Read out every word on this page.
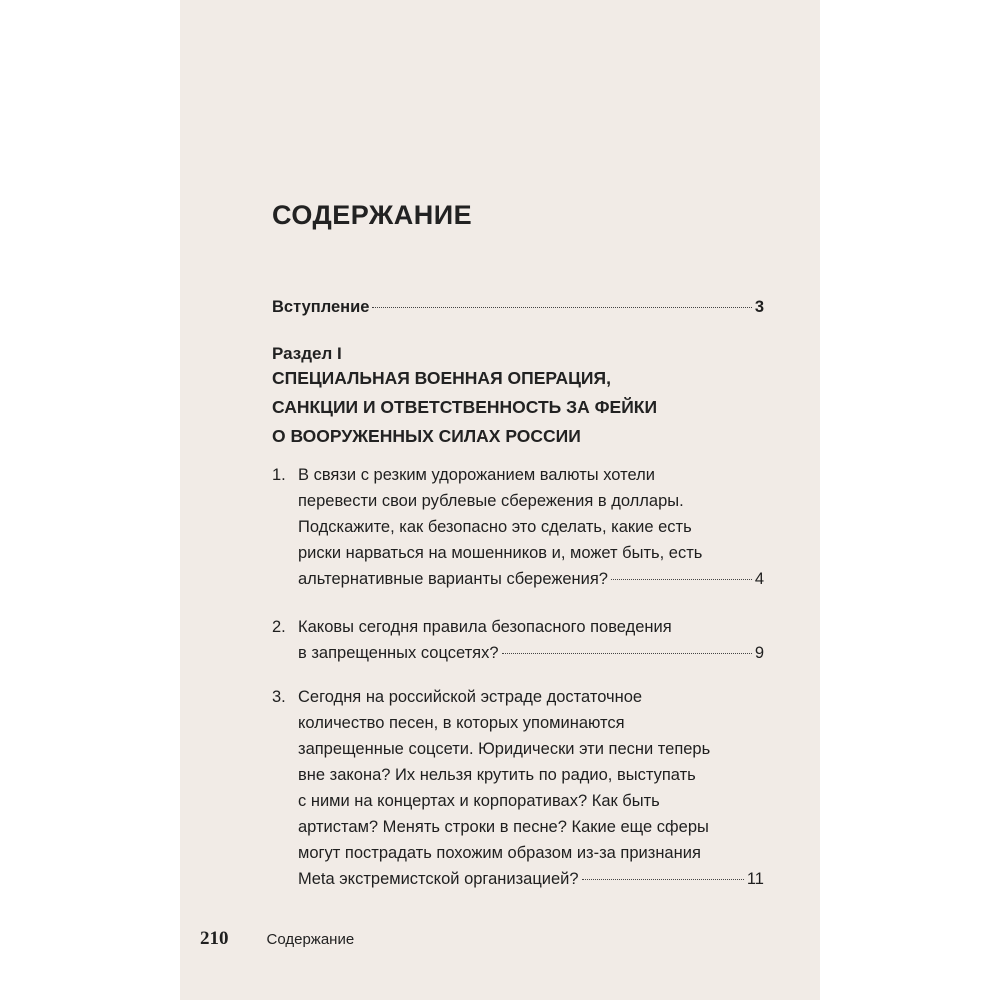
СОДЕРЖАНИЕ
Вступление	3
Раздел I
СПЕЦИАЛЬНАЯ ВОЕННАЯ ОПЕРАЦИЯ,
САНКЦИИ И ОТВЕТСТВЕННОСТЬ ЗА ФЕЙКИ
О ВООРУЖЕННЫХ СИЛАХ РОССИИ
1. В связи с резким удорожанием валюты хотели
перевести свои рублевые сбережения в доллары.
Подскажите, как безопасно это сделать, какие есть
риски нарваться на мошенников и, может быть, есть
альтернативные варианты сбережения?	4
2. Каковы сегодня правила безопасного поведения
в запрещенных соцсетях?	9
3. Сегодня на российской эстраде достаточное
количество песен, в которых упоминаются
запрещенные соцсети. Юридически эти песни теперь
вне закона? Их нельзя крутить по радио, выступать
с ними на концертах и корпоративах? Как быть
артистам? Менять строки в песне? Какие еще сферы
могут пострадать похожим образом из-за признания
Meta экстремистской организацией?	11
210	Содержание
